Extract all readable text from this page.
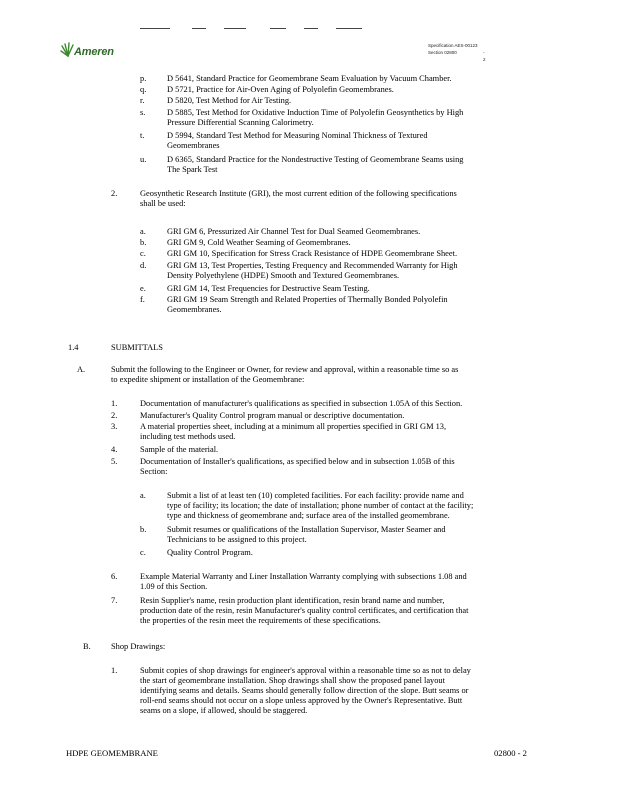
Ameren
Specification AES-00123
Section 02800	- 2
p. D 5641, Standard Practice for Geomembrane Seam Evaluation by Vacuum Chamber.
q. D 5721, Practice for Air-Oven Aging of Polyolefin Geomembranes.
r.	D 5820, Test Method for Air Testing.
s.	D 5885, Test Method for Oxidative Induction Time of Polyolefin Geosynthetics by High
Pressure Differential Scanning Calorimetry.
t.	D 5994, Standard Test Method for Measuring Nominal Thickness of Textured
Geomembranes
u. D 6365, Standard Practice for the Nondestructive Testing of Geomembrane Seams using
The Spark Test
2.	Geosynthetic Research Institute (GRI), the most current edition of the following specifications
shall be used:
a.	GRI GM 6, Pressurized Air Channel Test for Dual Seamed Geomembranes.
b. GRI GM 9, Cold Weather Seaming of Geomembranes.
c.	GRI GM 10, Specification for Stress Crack Resistance of HDPE Geomembrane Sheet.
d. GRI GM 13, Test Properties, Testing Frequency and Recommended Warranty for High
Density Polyethylene (HDPE) Smooth and Textured Geomembranes.
e.	GRI GM 14, Test Frequencies for Destructive Seam Testing.
f.	GRI GM 19 Seam Strength and Related Properties of Thermally Bonded Polyolefin
Geomembranes.
1.4	SUBMITTALS
A.	Submit the following to the Engineer or Owner, for review and approval, within a reasonable time so as
to expedite shipment or installation of the Geomembrane:
1.	Documentation of manufacturer's qualifications as specified in subsection 1.05A of this Section.
2.	Manufacturer's Quality Control program manual or descriptive documentation.
3.	A material properties sheet, including at a minimum all properties specified in GRI GM 13,
including test methods used.
4.	Sample of the material.
5.	Documentation of Installer's qualifications, as specified below and in subsection 1.05B of this
Section:
a.	Submit a list of at least ten (10) completed facilities. For each facility: provide name and
type of facility; its location; the date of installation; phone number of contact at the facility;
type and thickness of geomembrane and; surface area of the installed geomembrane.
b. Submit resumes or qualifications of the Installation Supervisor, Master Seamer and
Technicians to be assigned to this project.
c.	Quality Control Program.
6.	Example Material Warranty and Liner Installation Warranty complying with subsections 1.08 and
1.09 of this Section.
7.	Resin Supplier's name, resin production plant identification, resin brand name and number,
production date of the resin, resin Manufacturer's quality control certificates, and certification that
the properties of the resin meet the requirements of these specifications.
B. Shop Drawings:
1.	Submit copies of shop drawings for engineer's approval within a reasonable time so as not to delay
the start of geomembrane installation. Shop drawings shall show the proposed panel layout
identifying seams and details. Seams should generally follow direction of the slope. Butt seams or
roll-end seams should not occur on a slope unless approved by the Owner's Representative. Butt
seams on a slope, if allowed, should be staggered.
HDPE GEOMEMBRANE	02800 - 2
